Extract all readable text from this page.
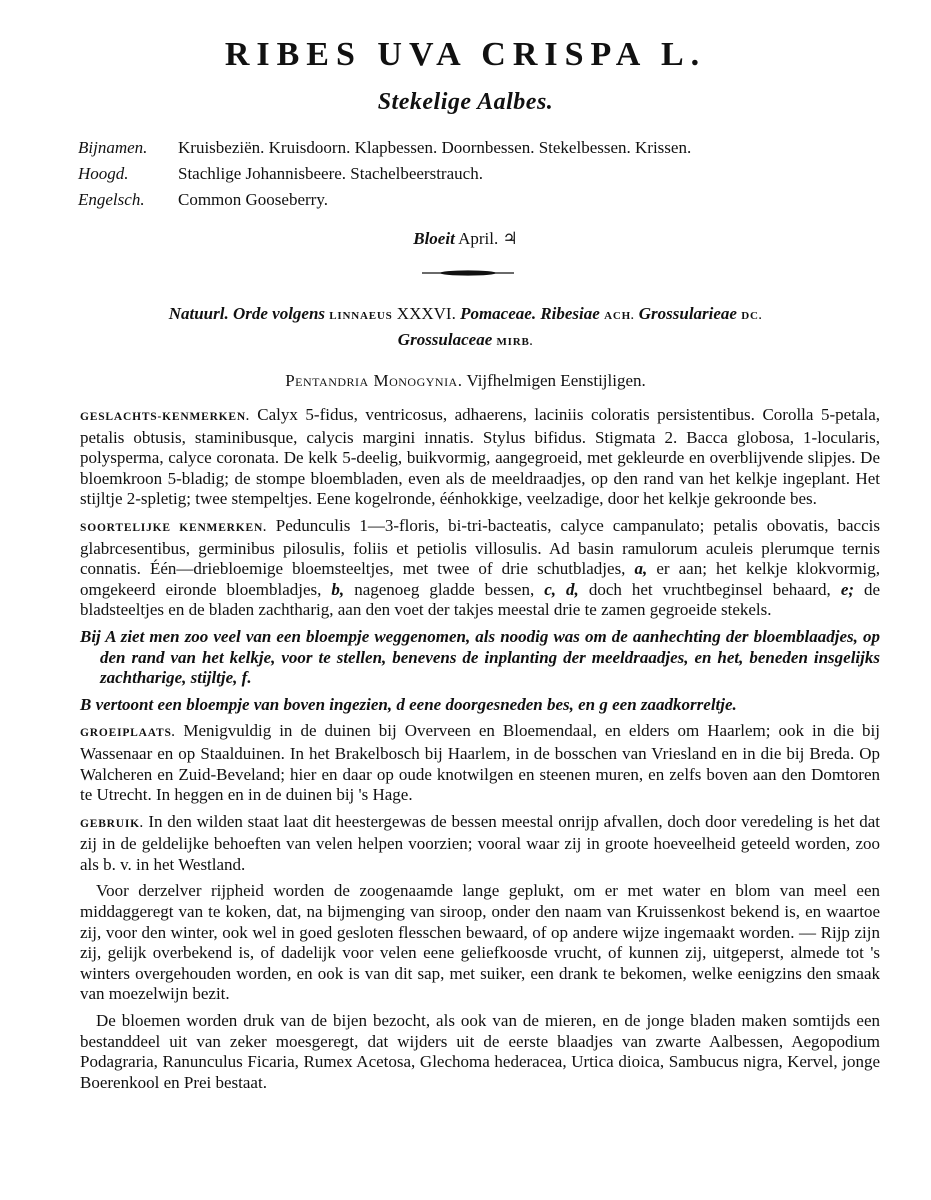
RIBES UVA CRISPA L.
Stekelige Aalbes.
Bijnamen. Kruisbeziën. Kruisdoorn. Klapbessen. Doornbessen. Stekelbessen. Krissen.
Hoogd.	Stachlige Johannisbeere. Stachelbeerstrauch.
Engelsch. Common Gooseberry.
Bloeit April. ♃
Natuurl. Orde volgens LINNAEUS XXXVI. Pomaceae. Ribesiae ACH. Grossularieae DC.
Grossulaceae MIRB.
Pentandria Monogynia. Vijfhelmigen Eenstijligen.

GESLACHTS-KENMERKEN. Calyx 5-fidus, ventricosus, adhaerens, laciniis coloratis persistentibus. Corolla 5-petala, petalis obtusis, staminibusque, calycis margini innatis. Stylus bifidus. Stigmata 2. Bacca globosa, 1-locularis, polysperma, calyce coronata. De kelk 5-deelig, buikvormig, aangegroeid, met gekleurde en overblijvende slipjes. De bloemkroon 5-bladig; de stompe bloembladen, even als de meeldraadjes, op den rand van het kelkje ingeplant. Het stijltje 2-spletig; twee stempeltjes. Eene kogelronde, éénhokkige, veelzadige, door het kelkje gekroonde bes.

SOORTELIJKE KENMERKEN. Pedunculis 1—3-floris, bi-tri-bacteatis, calyce campanulato; petalis obovatis, baccis glabrcesentibus, germinibus pilosulis, foliis et petiolis villosulis. Ad basin ramulorum aculeis plerumque ternis connatis. Één—driebloemige bloemsteeltjes, met twee of drie schutbladjes, a, er aan; het kelkje klokvormig, omgekeerd eironde bloembladjes, b, nagenoeg gladde bessen, c, d, doch het vruchtbeginsel behaard, e; de bladsteeltjes en de bladen zachtharig, aan den voet der takjes meestal drie te zamen gegroeide stekels.

Bij A ziet men zoo veel van een bloempje weggenomen, als noodig was om de aanhechting der bloemblaadjes, op den rand van het kelkje, voor te stellen, benevens de inplanting der meeldraadjes, en het, beneden insgelijks zachtharige, stijltje, f.

B vertoont een bloempje van boven ingezien, d eene doorgesneden bes, en g een zaadkorreltje.

GROEIPLAATS. Menigvuldig in de duinen bij Overveen en Bloemendaal, en elders om Haarlem; ook in die bij Wassenaar en op Staalduinen. In het Brakelbosch bij Haarlem, in de bosschen van Vriesland en in die bij Breda. Op Walcheren en Zuid-Beveland; hier en daar op oude knotwilgen en steenen muren, en zelfs boven aan den Domtoren te Utrecht. In heggen en in de duinen bij 's Hage.

GEBRUIK. In den wilden staat laat dit heestergewas de bessen meestal onrijp afvallen, doch door veredeling is het dat zij in de geldelijke behoeften van velen helpen voorzien; vooral waar zij in groote hoeveelheid geteeld worden, zoo als b. v. in het Westland.

Voor derzelver rijpheid worden de zoogenaamde lange geplukt, om er met water en blom van meel een middaggeregt van te koken, dat, na bijmenging van siroop, onder den naam van Kruissenkost bekend is, en waartoe zij, voor den winter, ook wel in goed gesloten flesschen bewaard, of op andere wijze ingemaakt worden. — Rijp zijn zij, gelijk overbekend is, of dadelijk voor velen eene geliefkoosde vrucht, of kunnen zij, uitgeperst, almede tot 's winters overgehouden worden, en ook is van dit sap, met suiker, een drank te bekomen, welke eenigzins den smaak van moezelwijn bezit.

De bloemen worden druk van de bijen bezocht, als ook van de mieren, en de jonge bladen maken somtijds een bestanddeel uit van zeker moesgeregt, dat wijders uit de eerste blaadjes van zwarte Aalbessen, Aegopodium Podagraria, Ranunculus Ficaria, Rumex Acetosa, Glechoma hederacea, Urtica dioica, Sambucus nigra, Kervel, jonge Boerenkool en Prei bestaat.
